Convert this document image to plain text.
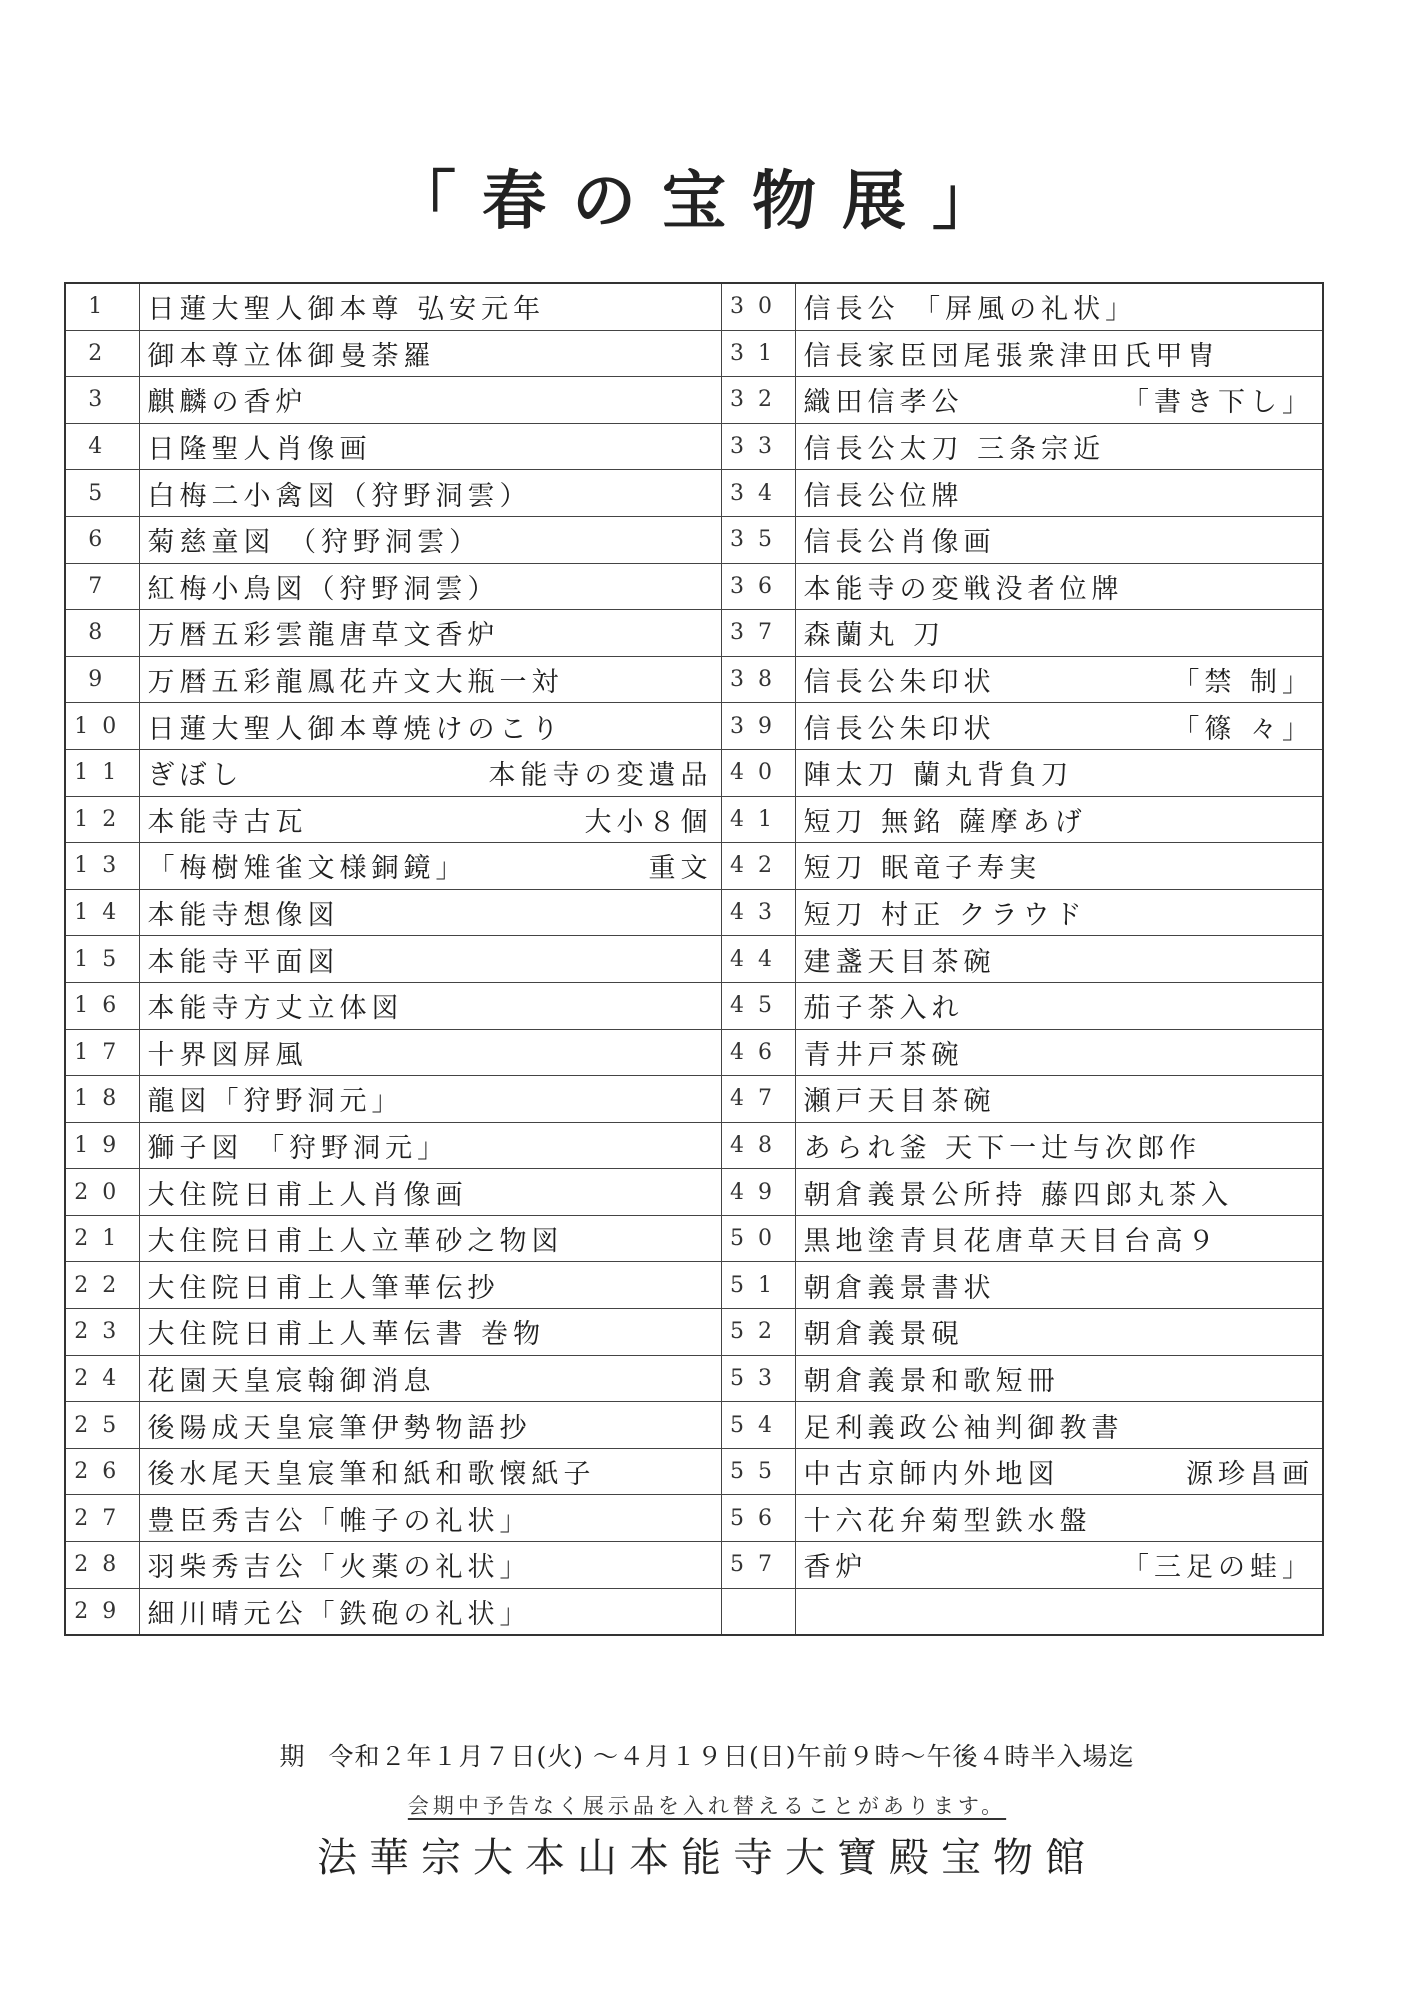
「春の宝物展」
1	日蓮大聖人御本尊 弘安元年	30	信長公 「屏風の礼状」

2	御本尊立体御曼荼羅	31	信長家臣団尾張衆津田氏甲冑

3	麒麟の香炉	32	織田信孝公 「書き下し」

4	日隆聖人肖像画	33	信長公太刀 三条宗近

5	白梅二小禽図（狩野洞雲）	34	信長公位牌

6	菊慈童図 （狩野洞雲）	35	信長公肖像画

7	紅梅小鳥図（狩野洞雲）	36	本能寺の変戦没者位牌

8	万暦五彩雲龍唐草文香炉	37	森蘭丸 刀

9	万暦五彩龍鳳花卉文大瓶一対	38	信長公朱印状 「禁 制」

10	日蓮大聖人御本尊焼けのこり	39	信長公朱印状 「篠 々」

11	ぎぼし 本能寺の変遺品	40	陣太刀 蘭丸背負刀

12	本能寺古瓦 大小８個	41	短刀 無銘 薩摩あげ

13	「梅樹雉雀文様銅鏡」 重文	42	短刀 眠竜子寿実

14	本能寺想像図	43	短刀 村正 クラウド

15	本能寺平面図	44	建盞天目茶碗

16	本能寺方丈立体図	45	茄子茶入れ

17	十界図屏風	46	青井戸茶碗

18	龍図「狩野洞元」	47	瀬戸天目茶碗

19	獅子図 「狩野洞元」	48	あられ釜 天下一辻与次郎作

20	大住院日甫上人肖像画	49	朝倉義景公所持 藤四郎丸茶入

21	大住院日甫上人立華砂之物図	50	黒地塗青貝花唐草天目台高９

22	大住院日甫上人筆華伝抄	51	朝倉義景書状

23	大住院日甫上人華伝書 巻物	52	朝倉義景硯

24	花園天皇宸翰御消息	53	朝倉義景和歌短冊

25	後陽成天皇宸筆伊勢物語抄	54	足利義政公袖判御教書

26	後水尾天皇宸筆和紙和歌懐紙子	55	中古京師内外地図 源珍昌画

27	豊臣秀吉公「帷子の礼状」	56	十六花弁菊型鉄水盤

28	羽柴秀吉公「火薬の礼状」	57	香炉 「三足の蛙」

29	細川晴元公「鉄砲の礼状」		

期 令和２年１月７日(火) ～４月１９日(日)午前９時～午後４時半入場迄
会期中予告なく展示品を入れ替えることがあります。
法華宗大本山本能寺大寶殿宝物館
